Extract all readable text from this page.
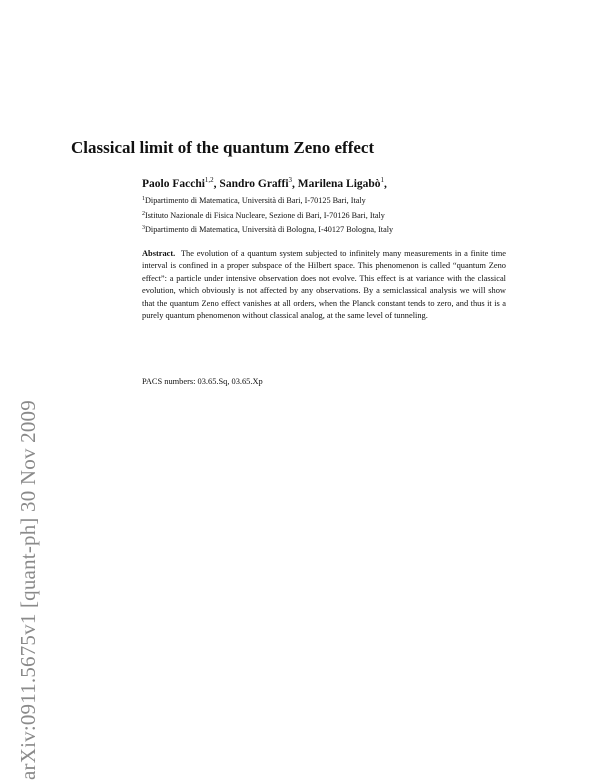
arXiv:0911.5675v1 [quant-ph] 30 Nov 2009
Classical limit of the quantum Zeno effect
Paolo Facchi$^{1,2}$, Sandro Graffi$^3$, Marilena Ligabò$^1$,
$^1$Dipartimento di Matematica, Università di Bari, I-70125 Bari, Italy
$^2$Istituto Nazionale di Fisica Nucleare, Sezione di Bari, I-70126 Bari, Italy
$^3$Dipartimento di Matematica, Università di Bologna, I-40127 Bologna, Italy
Abstract. The evolution of a quantum system subjected to infinitely many measurements in a finite time interval is confined in a proper subspace of the Hilbert space. This phenomenon is called “quantum Zeno effect”: a particle under intensive observation does not evolve. This effect is at variance with the classical evolution, which obviously is not affected by any observations. By a semiclassical analysis we will show that the quantum Zeno effect vanishes at all orders, when the Planck constant tends to zero, and thus it is a purely quantum phenomenon without classical analog, at the same level of tunneling.
PACS numbers: 03.65.Sq, 03.65.Xp
